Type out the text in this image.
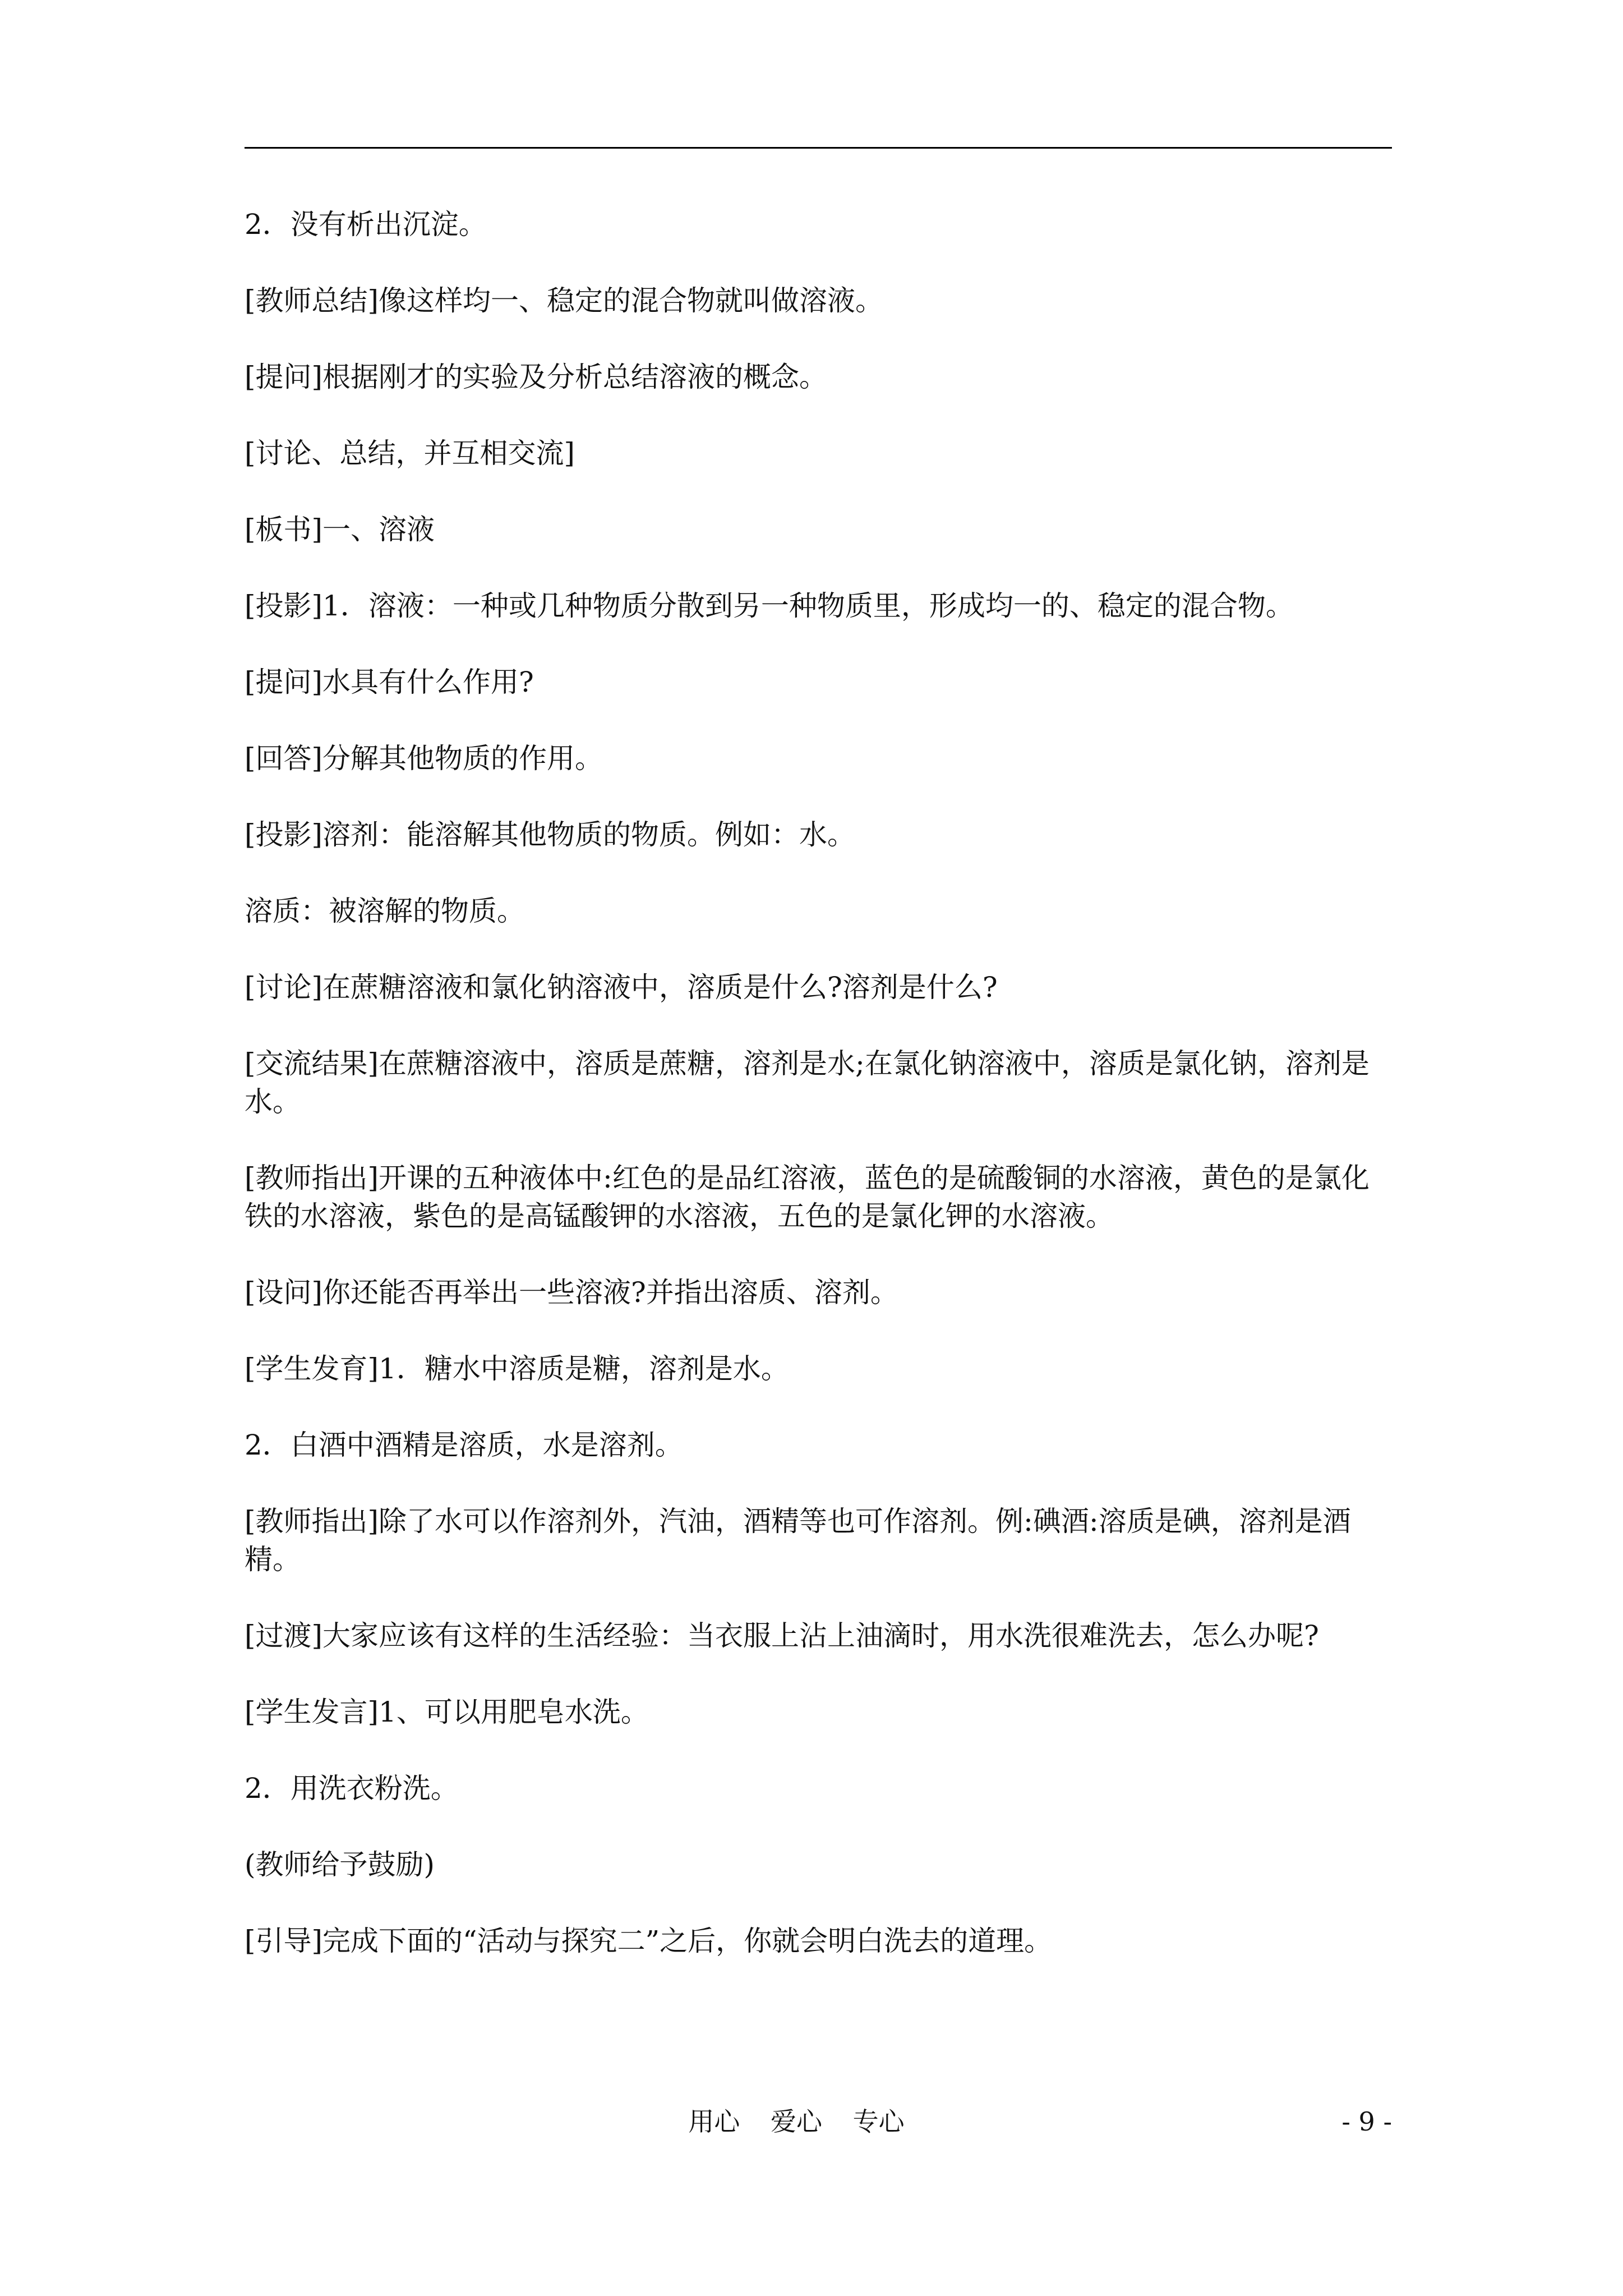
2．没有析出沉淀。

[教师总结]像这样均一、稳定的混合物就叫做溶液。

[提问]根据刚才的实验及分析总结溶液的概念。

[讨论、总结，并互相交流]

[板书]一、溶液

[投影]1．溶液：一种或几种物质分散到另一种物质里，形成均一的、稳定的混合物。

[提问]水具有什么作用?

[回答]分解其他物质的作用。

[投影]溶剂：能溶解其他物质的物质。例如：水。

溶质：被溶解的物质。

[讨论]在蔗糖溶液和氯化钠溶液中，溶质是什么?溶剂是什么?

[交流结果]在蔗糖溶液中，溶质是蔗糖，溶剂是水;在氯化钠溶液中，溶质是氯化钠，溶剂是水。

[教师指出]开课的五种液体中:红色的是品红溶液，蓝色的是硫酸铜的水溶液，黄色的是氯化铁的水溶液，紫色的是高锰酸钾的水溶液，五色的是氯化钾的水溶液。

[设问]你还能否再举出一些溶液?并指出溶质、溶剂。

[学生发育]1．糖水中溶质是糖，溶剂是水。

2．白酒中酒精是溶质，水是溶剂。

[教师指出]除了水可以作溶剂外，汽油，酒精等也可作溶剂。例:碘酒:溶质是碘，溶剂是酒精。

[过渡]大家应该有这样的生活经验：当衣服上沾上油滴时，用水洗很难洗去，怎么办呢?

[学生发言]1、可以用肥皂水洗。

2．用洗衣粉洗。

(教师给予鼓励)

[引导]完成下面的“活动与探究二”之后，你就会明白洗去的道理。

用心 爱心 专心	- 9 -
